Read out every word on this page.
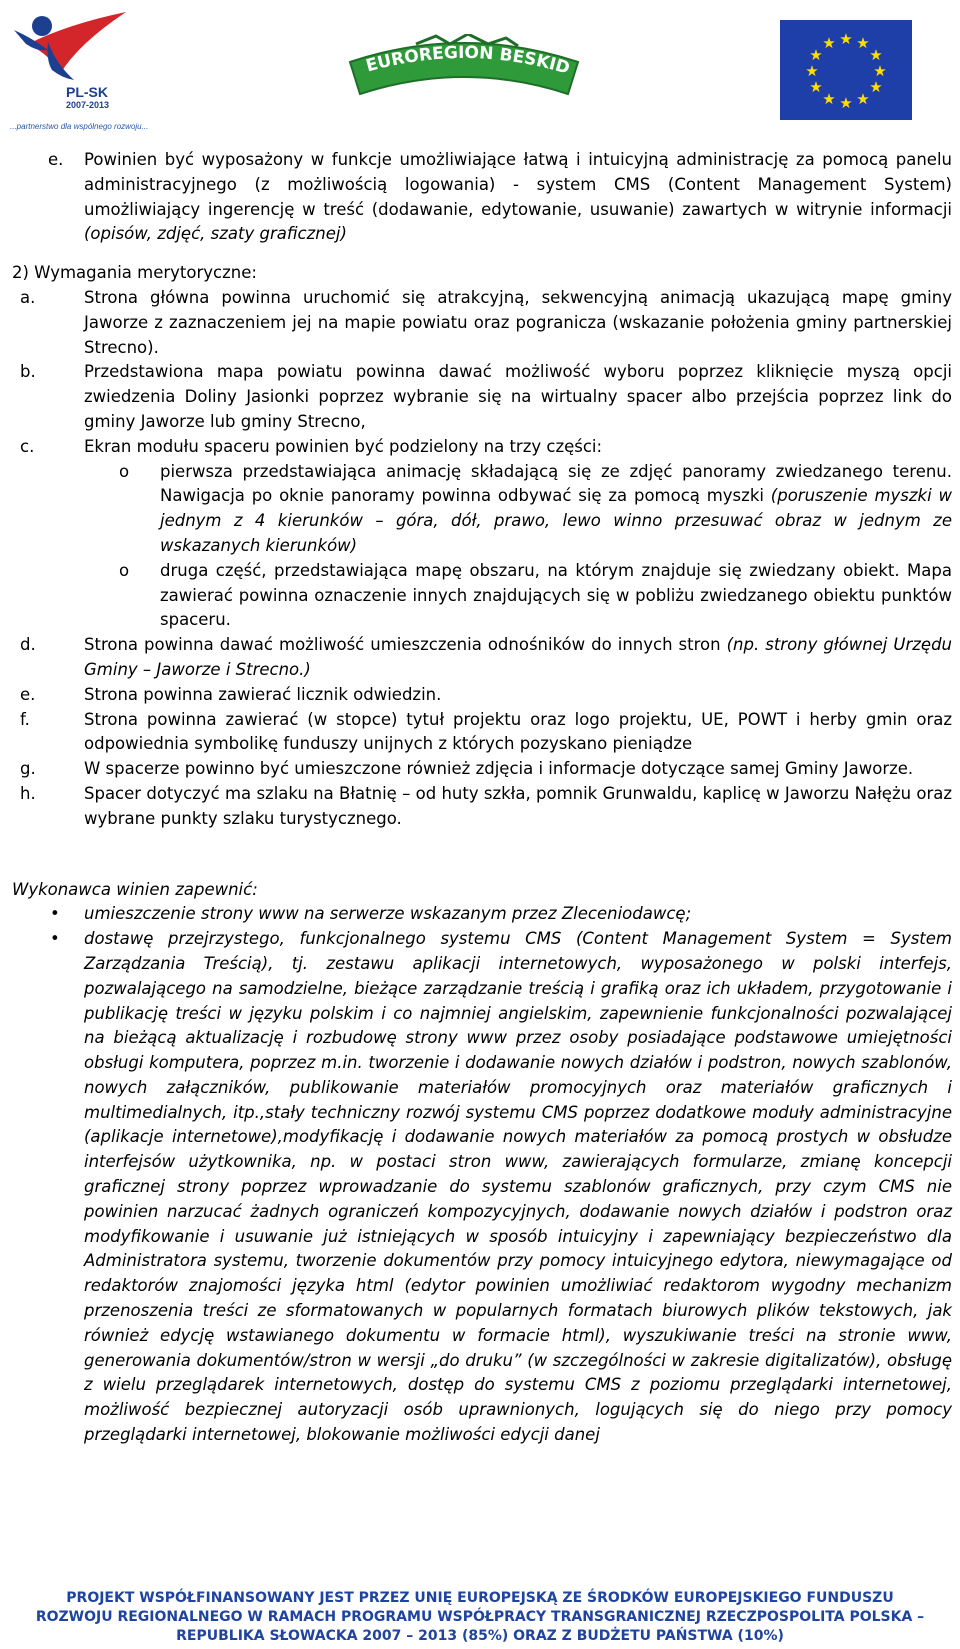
PL-SK
2007-2013
...partnerstwo dla wspólnego rozwoju...
EUROREGION BESKID
★ ★
★
★
★
★
★
★
★
★
★
★
e. Powinien być wyposażony w funkcje umożliwiające łatwą i intuicyjną administrację za pomocą panelu administracyjnego (z możliwością logowania) - system CMS (Content Management System) umożliwiający ingerencję w treść (dodawanie, edytowanie, usuwanie) zawartych w witrynie informacji (opisów, zdjęć, szaty graficznej)
2) Wymagania merytoryczne:
a.	Strona główna powinna uruchomić się atrakcyjną, sekwencyjną animacją ukazującą mapę gminy Jaworze z zaznaczeniem jej na mapie powiatu oraz pogranicza (wskazanie położenia gminy partnerskiej Strecno).
b.	Przedstawiona mapa powiatu powinna dawać możliwość wyboru poprzez kliknięcie myszą opcji zwiedzenia Doliny Jasionki poprzez wybranie się na wirtualny spacer albo przejścia poprzez link do gminy Jaworze lub gminy Strecno,
c.	Ekran modułu spaceru powinien być podzielony na trzy części:
o pierwsza przedstawiająca animację składającą się ze zdjęć panoramy zwiedzanego terenu. Nawigacja po oknie panoramy powinna odbywać się za pomocą myszki (poruszenie myszki w jednym z 4 kierunków – góra, dół, prawo, lewo winno przesuwać obraz w jednym ze wskazanych kierunków)
o druga część, przedstawiająca mapę obszaru, na którym znajduje się zwiedzany obiekt. Mapa zawierać powinna oznaczenie innych znajdujących się w pobliżu zwiedzanego obiektu punktów spaceru.
d.	Strona powinna dawać możliwość umieszczenia odnośników do innych stron (np. strony głównej Urzędu Gminy – Jaworze i Strecno.)
e.	Strona powinna zawierać licznik odwiedzin.
f.	Strona powinna zawierać (w stopce) tytuł projektu oraz logo projektu, UE, POWT i herby gmin oraz odpowiednia symbolikę funduszy unijnych z których pozyskano pieniądze
g.	W spacerze powinno być umieszczone również zdjęcia i informacje dotyczące samej Gminy Jaworze.
h.	Spacer dotyczyć ma szlaku na Błatnię – od huty szkła, pomnik Grunwaldu, kaplicę w Jaworzu Nałężu oraz wybrane punkty szlaku turystycznego.
Wykonawca winien zapewnić:
• umieszczenie strony www na serwerze wskazanym przez Zleceniodawcę;
• dostawę przejrzystego, funkcjonalnego systemu CMS (Content Management System = System Zarządzania Treścią), tj. zestawu aplikacji internetowych, wyposażonego w polski interfejs, pozwalającego na samodzielne, bieżące zarządzanie treścią i grafiką oraz ich układem, przygotowanie i publikację treści w języku polskim i co najmniej angielskim, zapewnienie funkcjonalności pozwalającej na bieżącą aktualizację i rozbudowę strony www przez osoby posiadające podstawowe umiejętności obsługi komputera, poprzez m.in. tworzenie i dodawanie nowych działów i podstron, nowych szablonów, nowych załączników, publikowanie materiałów promocyjnych oraz materiałów graficznych i multimedialnych, itp.,stały techniczny rozwój systemu CMS poprzez dodatkowe moduły administracyjne (aplikacje internetowe),modyfikację i dodawanie nowych materiałów za pomocą prostych w obsłudze interfejsów użytkownika, np. w postaci stron www, zawierających formularze, zmianę koncepcji graficznej strony poprzez wprowadzanie do systemu szablonów graficznych, przy czym CMS nie powinien narzucać żadnych ograniczeń kompozycyjnych, dodawanie nowych działów i podstron oraz modyfikowanie i usuwanie już istniejących w sposób intuicyjny i zapewniający bezpieczeństwo dla Administratora systemu, tworzenie dokumentów przy pomocy intuicyjnego edytora, niewymagające od redaktorów znajomości języka html (edytor powinien umożliwiać redaktorom wygodny mechanizm przenoszenia treści ze sformatowanych w popularnych formatach biurowych plików tekstowych, jak również edycję wstawianego dokumentu w formacie html), wyszukiwanie treści na stronie www, generowania dokumentów/stron w wersji „do druku” (w szczególności w zakresie digitalizatów), obsługę z wielu przeglądarek internetowych, dostęp do systemu CMS z poziomu przeglądarki internetowej, możliwość bezpiecznej autoryzacji osób uprawnionych, logujących się do niego przy pomocy przeglądarki internetowej, blokowanie możliwości edycji danej
PROJEKT WSPÓŁFINANSOWANY JEST PRZEZ UNIĘ EUROPEJSKĄ ZE ŚRODKÓW EUROPEJSKIEGO FUNDUSZU
ROZWOJU REGIONALNEGO W RAMACH PROGRAMU WSPÓŁPRACY TRANSGRANICZNEJ RZECZPOSPOLITA POLSKA –
REPUBLIKA SŁOWACKA 2007 – 2013 (85%) ORAZ Z BUDŻETU PAŃSTWA (10%)
